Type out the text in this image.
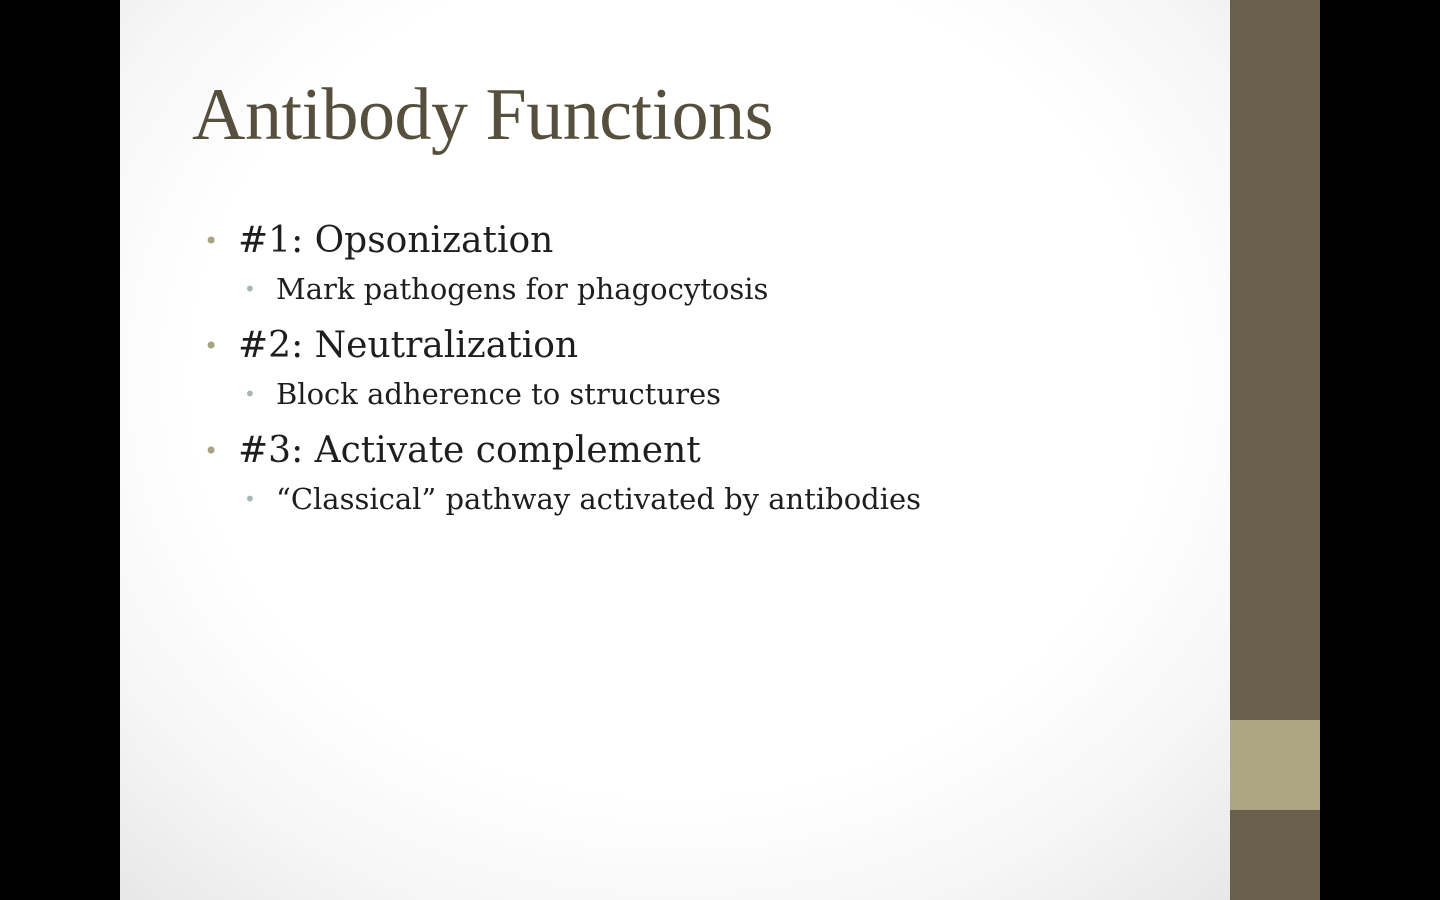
Antibody Functions
• #1: Opsonization
• Mark pathogens for phagocytosis
• #2: Neutralization
• Block adherence to structures
• #3: Activate complement
• “Classical” pathway activated by antibodies
